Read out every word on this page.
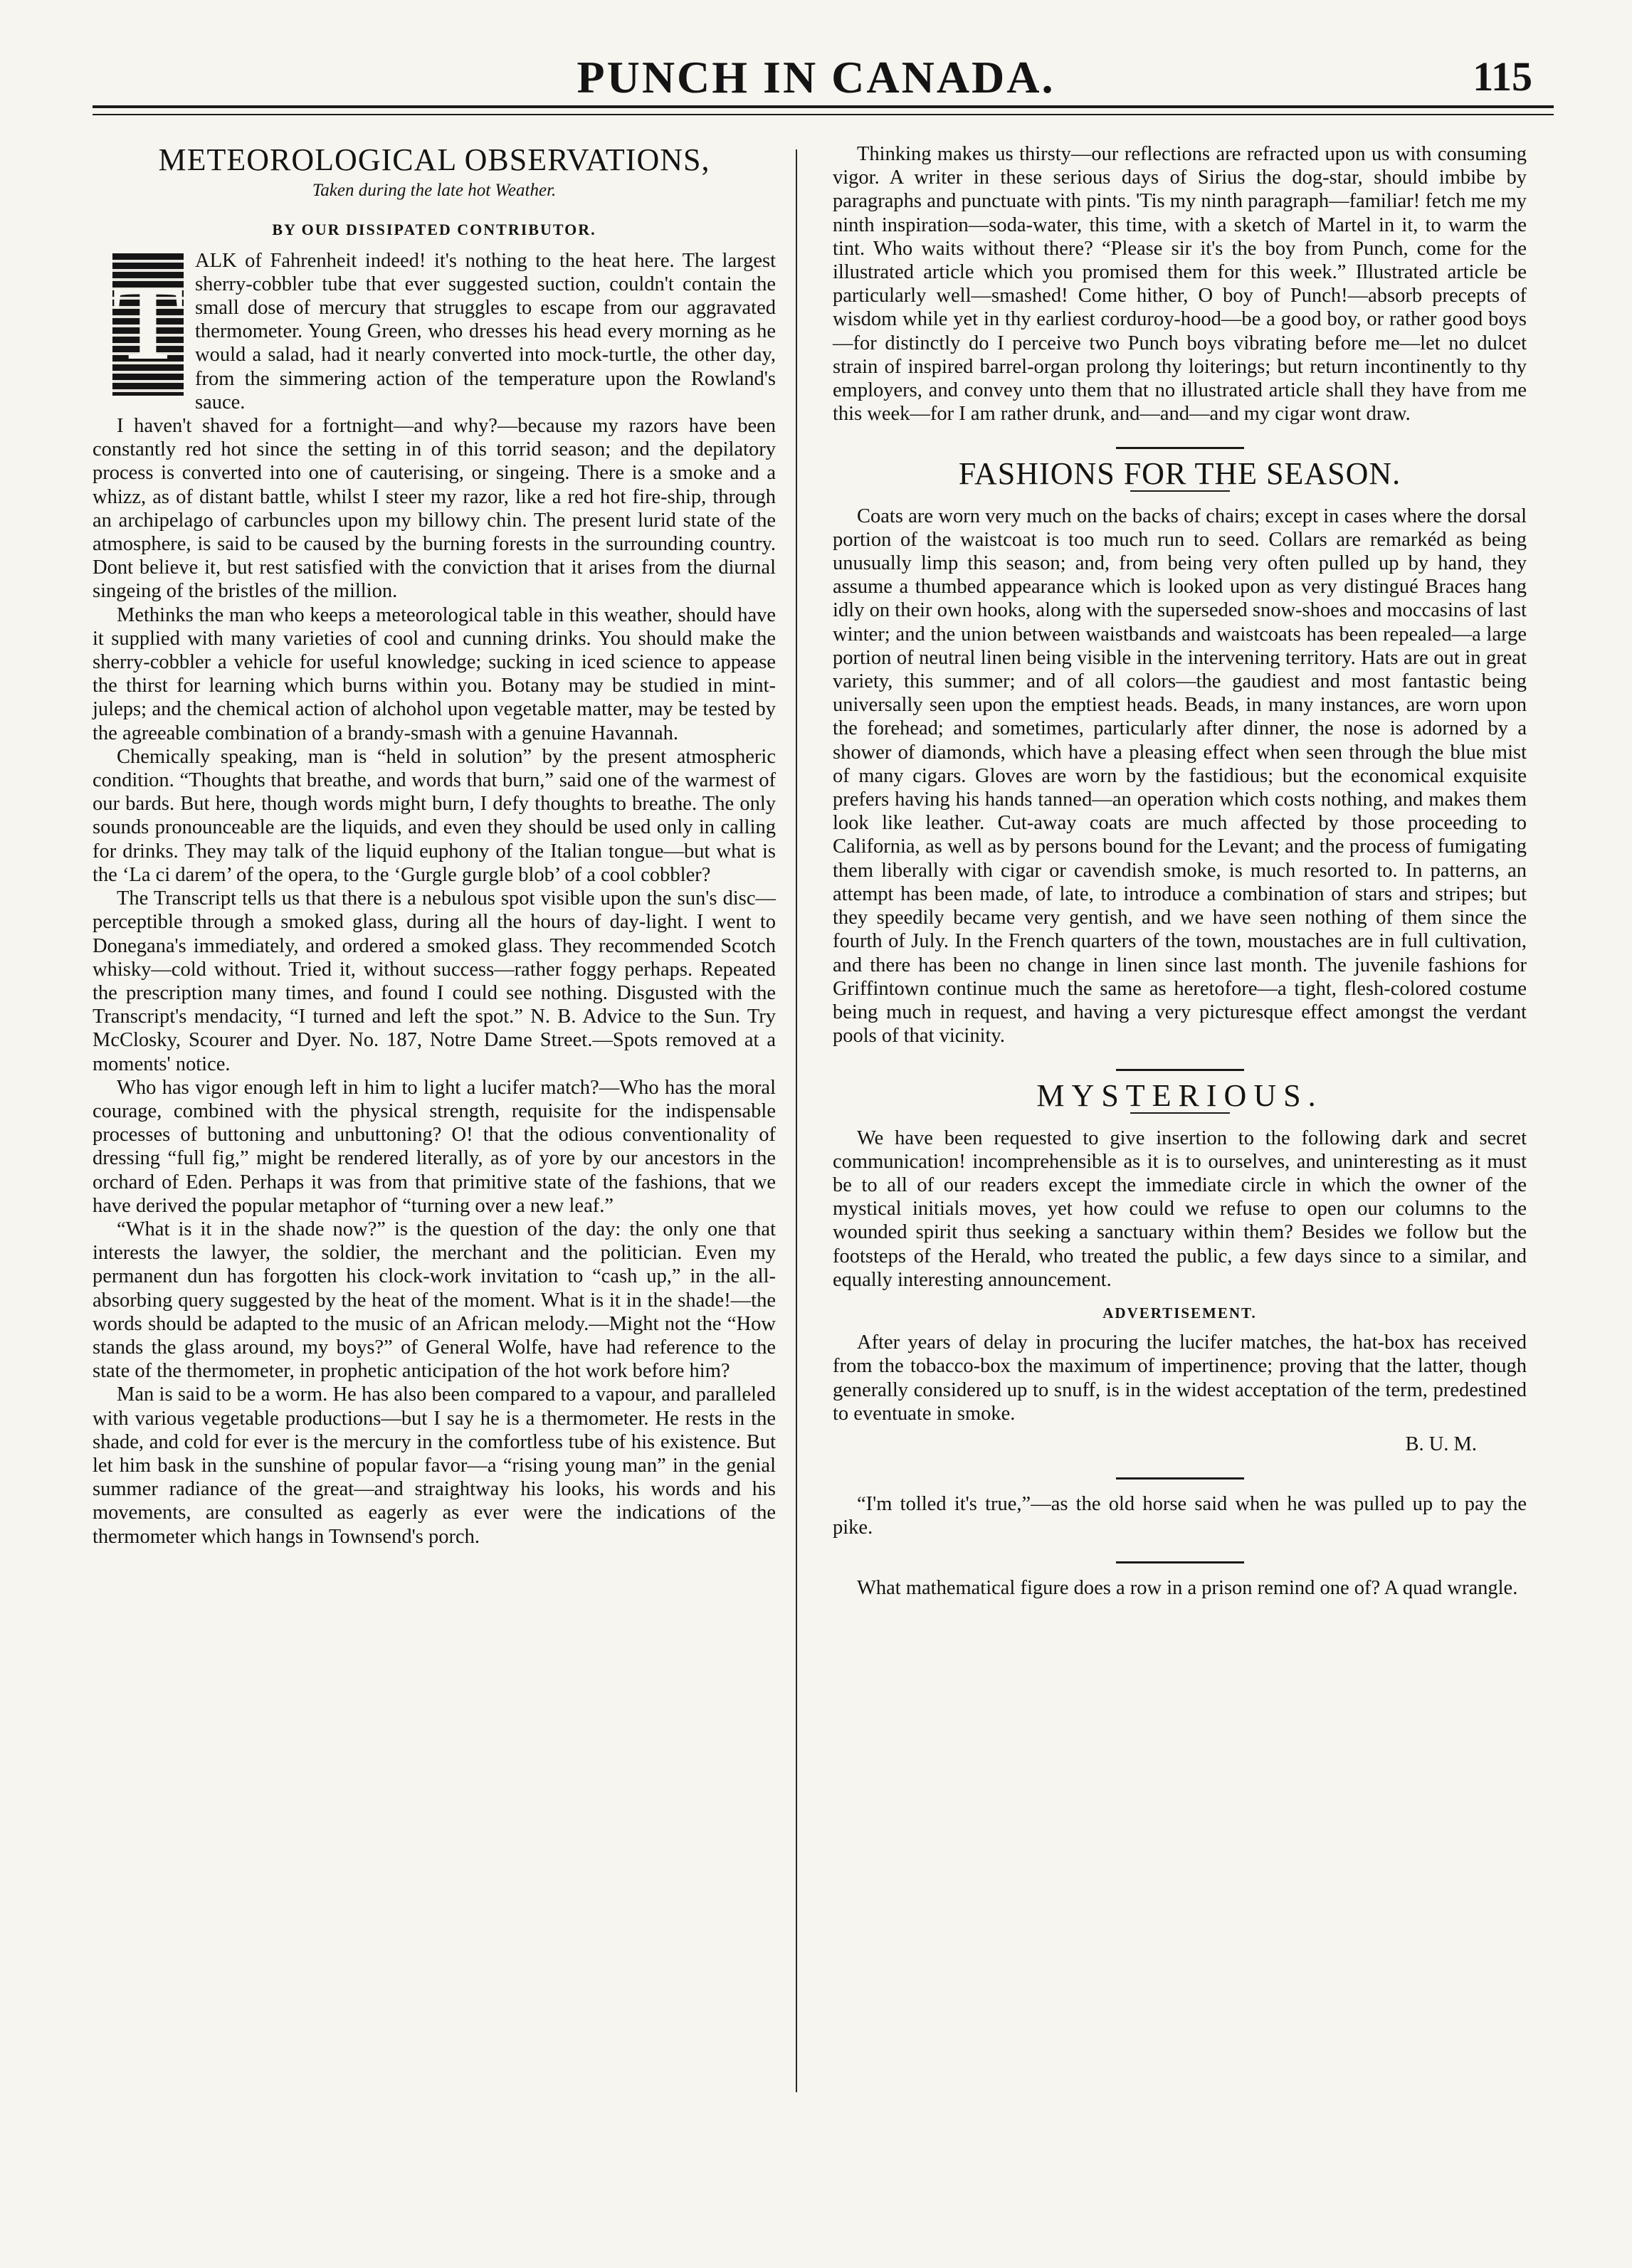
PUNCH IN CANADA.	115
METEOROLOGICAL OBSERVATIONS,
Taken during the late hot Weather.
BY OUR DISSIPATED CONTRIBUTOR.
T

ALK of Fahrenheit indeed! it's nothing to the heat here. The largest sherry-cobbler tube that ever suggested suction, couldn't contain the small dose of mercury that struggles to escape from our aggravated thermometer. Young Green, who dresses his head every morning as he would a salad, had it nearly converted into mock-turtle, the other day, from the simmering action of the temperature upon the Rowland's sauce.

I haven't shaved for a fortnight—and why?—because my razors have been constantly red hot since the setting in of this torrid season; and the depilatory process is converted into one of cauterising, or singeing. There is a smoke and a whizz, as of distant battle, whilst I steer my razor, like a red hot fire-ship, through an archipelago of carbuncles upon my billowy chin. The present lurid state of the atmosphere, is said to be caused by the burning forests in the surrounding country. Dont believe it, but rest satisfied with the conviction that it arises from the diurnal singeing of the bristles of the million.

Methinks the man who keeps a meteorological table in this weather, should have it supplied with many varieties of cool and cunning drinks. You should make the sherry-cobbler a vehicle for useful knowledge; sucking in iced science to appease the thirst for learning which burns within you. Botany may be studied in mint-juleps; and the chemical action of alchohol upon vegetable matter, may be tested by the agreeable combination of a brandy-smash with a genuine Havannah.

Chemically speaking, man is “held in solution” by the present atmospheric condition. “Thoughts that breathe, and words that burn,” said one of the warmest of our bards. But here, though words might burn, I defy thoughts to breathe. The only sounds pronounceable are the liquids, and even they should be used only in calling for drinks. They may talk of the liquid euphony of the Italian tongue—but what is the ‘La ci darem’ of the opera, to the ‘Gurgle gurgle blob’ of a cool cobbler?

The Transcript tells us that there is a nebulous spot visible upon the sun's disc—perceptible through a smoked glass, during all the hours of day-light. I went to Donegana's immediately, and ordered a smoked glass. They recommended Scotch whisky—cold without. Tried it, without success—rather foggy perhaps. Repeated the prescription many times, and found I could see nothing. Disgusted with the Transcript's mendacity, “I turned and left the spot.” N. B. Advice to the Sun. Try McClosky, Scourer and Dyer. No. 187, Notre Dame Street.—Spots removed at a moments' notice.

Who has vigor enough left in him to light a lucifer match?—Who has the moral courage, combined with the physical strength, requisite for the indispensable processes of buttoning and unbuttoning? O! that the odious conventionality of dressing “full fig,” might be rendered literally, as of yore by our ancestors in the orchard of Eden. Perhaps it was from that primitive state of the fashions, that we have derived the popular metaphor of “turning over a new leaf.”

“What is it in the shade now?” is the question of the day: the only one that interests the lawyer, the soldier, the merchant and the politician. Even my permanent dun has forgotten his clock-work invitation to “cash up,” in the all-absorbing query suggested by the heat of the moment. What is it in the shade!—the words should be adapted to the music of an African melody.—Might not the “How stands the glass around, my boys?” of General Wolfe, have had reference to the state of the thermometer, in prophetic anticipation of the hot work before him?

Man is said to be a worm. He has also been compared to a vapour, and paralleled with various vegetable productions—but I say he is a thermometer. He rests in the shade, and cold for ever is the mercury in the comfortless tube of his existence. But let him bask in the sunshine of popular favor—a “rising young man” in the genial summer radiance of the great—and straightway his looks, his words and his movements, are consulted as eagerly as ever were the indications of the thermometer which hangs in Townsend's porch.

Thinking makes us thirsty—our reflections are refracted upon us with consuming vigor. A writer in these serious days of Sirius the dog-star, should imbibe by paragraphs and punctuate with pints. 'Tis my ninth paragraph—familiar! fetch me my ninth inspiration—soda-water, this time, with a sketch of Martel in it, to warm the tint. Who waits without there? “Please sir it's the boy from Punch, come for the illustrated article which you promised them for this week.” Illustrated article be particularly well—smashed! Come hither, O boy of Punch!—absorb precepts of wisdom while yet in thy earliest corduroy-hood—be a good boy, or rather good boys—for distinctly do I perceive two Punch boys vibrating before me—let no dulcet strain of inspired barrel-organ prolong thy loiterings; but return incontinently to thy employers, and convey unto them that no illustrated article shall they have from me this week—for I am rather drunk, and—and—and my cigar wont draw.

FASHIONS FOR THE SEASON.

Coats are worn very much on the backs of chairs; except in cases where the dorsal portion of the waistcoat is too much run to seed. Collars are remarkéd as being unusually limp this season; and, from being very often pulled up by hand, they assume a thumbed appearance which is looked upon as very distingué Braces hang idly on their own hooks, along with the superseded snow-shoes and moccasins of last winter; and the union between waistbands and waistcoats has been repealed—a large portion of neutral linen being visible in the intervening territory. Hats are out in great variety, this summer; and of all colors—the gaudiest and most fantastic being universally seen upon the emptiest heads. Beads, in many instances, are worn upon the forehead; and sometimes, particularly after dinner, the nose is adorned by a shower of diamonds, which have a pleasing effect when seen through the blue mist of many cigars. Gloves are worn by the fastidious; but the economical exquisite prefers having his hands tanned—an operation which costs nothing, and makes them look like leather. Cut-away coats are much affected by those proceeding to California, as well as by persons bound for the Levant; and the process of fumigating them liberally with cigar or cavendish smoke, is much resorted to. In patterns, an attempt has been made, of late, to introduce a combination of stars and stripes; but they speedily became very gentish, and we have seen nothing of them since the fourth of July. In the French quarters of the town, moustaches are in full cultivation, and there has been no change in linen since last month. The juvenile fashions for Griffintown continue much the same as heretofore—a tight, flesh-colored costume being much in request, and having a very picturesque effect amongst the verdant pools of that vicinity.

MYSTERIOUS.

We have been requested to give insertion to the following dark and secret communication! incomprehensible as it is to ourselves, and uninteresting as it must be to all of our readers except the immediate circle in which the owner of the mystical initials moves, yet how could we refuse to open our columns to the wounded spirit thus seeking a sanctuary within them? Besides we follow but the footsteps of the Herald, who treated the public, a few days since to a similar, and equally interesting announcement.

ADVERTISEMENT.

After years of delay in procuring the lucifer matches, the hat-box has received from the tobacco-box the maximum of impertinence; proving that the latter, though generally considered up to snuff, is in the widest acceptation of the term, predestined to eventuate in smoke.

B. U. M.

“I'm tolled it's true,”—as the old horse said when he was pulled up to pay the pike.

What mathematical figure does a row in a prison remind one of? A quad wrangle.
